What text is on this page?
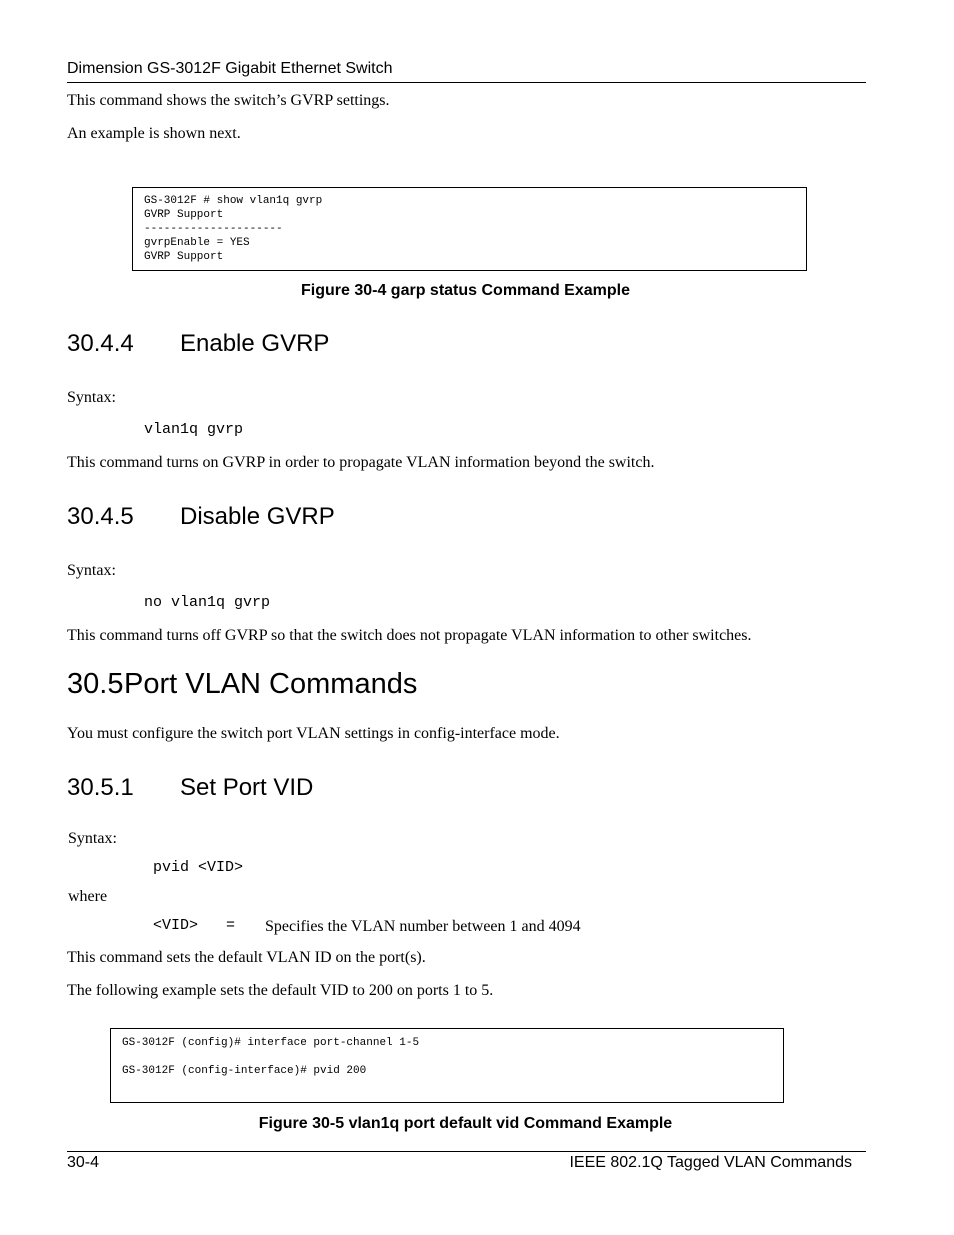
Dimension GS-3012F Gigabit Ethernet Switch
This command shows the switch’s GVRP settings.
An example is shown next.
GS-3012F # show vlan1q gvrp
GVRP Support
---------------------
gvrpEnable = YES
GVRP Support
Figure 30-4 garp status Command Example
30.4.4 Enable GVRP
Syntax:
vlan1q gvrp
This command turns on GVRP in order to propagate VLAN information beyond the switch.
30.4.5 Disable GVRP
Syntax:
no vlan1q gvrp
This command turns off GVRP so that the switch does not propagate VLAN information to other switches.
30.5 Port VLAN Commands
You must configure the switch port VLAN settings in config-interface mode.
30.5.1 Set Port VID
Syntax:
pvid <VID>
where
<VID> = Specifies the VLAN number between 1 and 4094
This command sets the default VLAN ID on the port(s).
The following example sets the default VID to 200 on ports 1 to 5.
GS-3012F (config)# interface port-channel 1-5
GS-3012F (config-interface)# pvid 200
Figure 30-5 vlan1q port default vid Command Example
30-4	IEEE 802.1Q Tagged VLAN Commands
